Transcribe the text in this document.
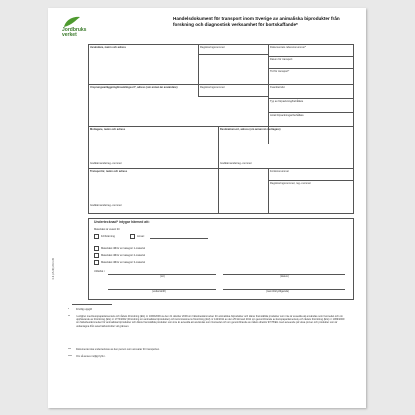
Jordbruks
verket
Handelsdokument för transport inom Sverige av animaliska biprodukter från forskning och diagnostisk verksamhet för bortskaffande*
Avsändare, namn och adress	Registreringsnummer	Dokumentets referensnummer*
Datum för transport
Tid för transport*
Ursprungsanläggning/Insamlingsort*, adress (om annan än avsändare)	Registreringsnummer	Kvantitet/vikt
Typ av förpackning/behållare
Antal förpackningar/behållare
Mottagare, namn och adress	Destinationsort, adress (om annan än mottagare)
Godkännande/reg.-nummer	Godkännande/reg.-nummer
Transportör, namn och adress	Fordonsnummer
Registreringsnummer, reg.-nummer
Godkännande/reg.-nummer
Undertecknad* intygar härmed att:
Materialet är avsett för
Förbränning	Annat:
Materialet tillhör en kategori 1-materiel
Materialet tillhör en kategori 2-materiel
Materialet tillhör en kategori 3-materiel
Utfärdat i
(ort)	(datum)
(underskrift)	(namnförtydligande)
D.6 (15-08) 2014-05
*	Frivillig uppgift
** I enlighet med Europaparlamentets och rådets förordning (EG) nr 1069/2009 av den 21 oktober 2009 om hälsobestämmelser för animaliska biprodukter och därav framställda produkter som inte är avsedda att användas som livsmedel och om upphävande av förordning (EG) nr 1774/2002 (förordning om animaliska biprodukter) och kommissionens förordning (EU) nr 142/2011 av den 25 februari 2011 om genomförande av Europaparlamentets och rådets förordning (EG) nr 1069/2009 om hälsobestämmelser för animaliska biprodukter och därav framställda produkter som inte är avsedda att användas som livsmedel och om genomförande av rådets direktiv 97/78/EG med avseende på vissa prover och produkter som är undantagna från veterinärkontroller vid gränsen.
*** Dokumentet ska undertecknas av den person som ansvarar för transporten.
**** Om så anses möjligt fylls i.
